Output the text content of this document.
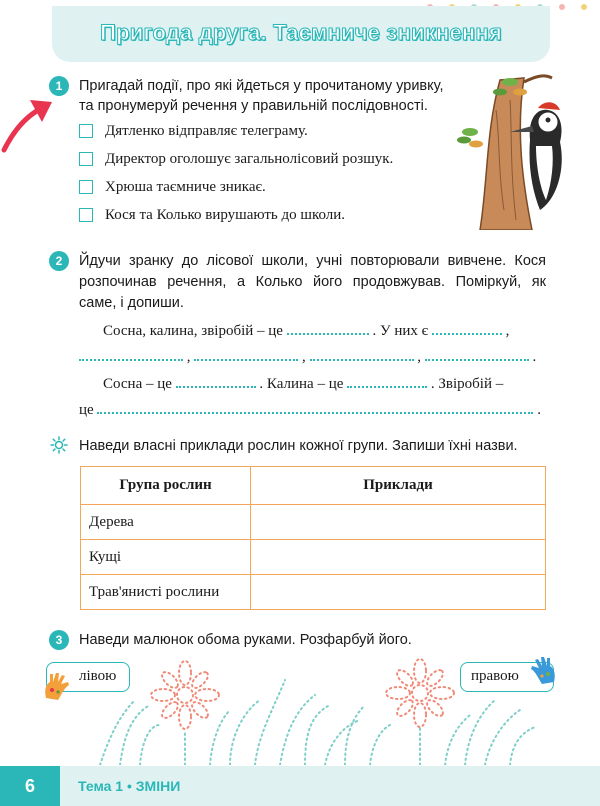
Пригода друга. Таємниче зникнення
1	Пригадай події, про які йдеться у прочитаному уривку,
та пронумеруй речення у правильній послідовності.
Дятленко відправляє телеграму.
Директор оголошує загальнолісовий розшук.
Хрюша таємниче зникає.
Кося та Колько вирушають до школи.
2	Йдучи зранку до лісової школи, учні повторювали вивчене. Кося
розпочинав речення, а Колько його продовжував. Поміркуй, як
саме, і допиши.
Сосна, калина, звіробій – це	. У них є	,
,	,	,	.
Сосна – це	. Калина – це	. Звіробій –
це	.
Наведи власні приклади рослин кожної групи. Запиши їхні назви.
Група рослин	Приклади
Дерева	
Кущі	
Трав'янисті рослини	
3	Наведи малюнок обома руками. Розфарбуй його.
лівою	правою
6	Тема 1 • ЗМІНИ
